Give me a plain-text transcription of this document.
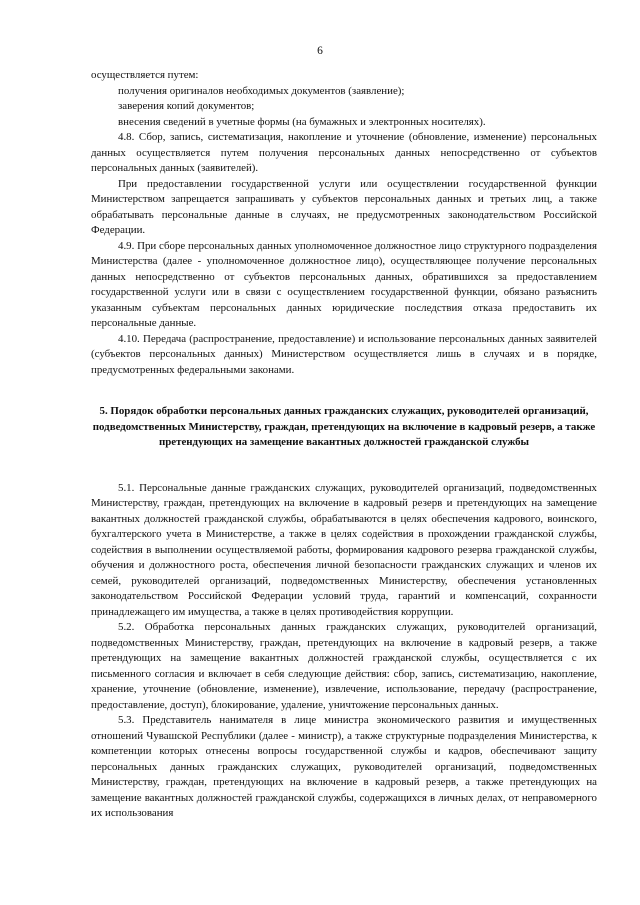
6

осуществляется путем:

получения оригиналов необходимых документов (заявление);

заверения копий документов;

внесения сведений в учетные формы (на бумажных и электронных носителях).

4.8. Сбор, запись, систематизация, накопление и уточнение (обновление, изменение) персональных данных осуществляется путем получения персональных данных непосредственно от субъектов персональных данных (заявителей).

При предоставлении государственной услуги или осуществлении государственной функции Министерством запрещается запрашивать у субъектов персональных данных и третьих лиц, а также обрабатывать персональные данные в случаях, не предусмотренных законодательством Российской Федерации.

4.9. При сборе персональных данных уполномоченное должностное лицо структурного подразделения Министерства (далее - уполномоченное должностное лицо), осуществляющее получение персональных данных непосредственно от субъектов персональных данных, обратившихся за предоставлением государственной услуги или в связи с осуществлением государственной функции, обязано разъяснить указанным субъектам персональных данных юридические последствия отказа предоставить их персональные данные.

4.10. Передача (распространение, предоставление) и использование персональных данных заявителей (субъектов персональных данных) Министерством осуществляется лишь в случаях и в порядке, предусмотренных федеральными законами.

5. Порядок обработки персональных данных гражданских служащих, руководителей организаций, подведомственных Министерству, граждан, претендующих на включение в кадровый резерв, а также претендующих на замещение вакантных должностей гражданской службы

5.1. Персональные данные гражданских служащих, руководителей организаций, подведомственных Министерству, граждан, претендующих на включение в кадровый резерв и претендующих на замещение вакантных должностей гражданской службы, обрабатываются в целях обеспечения кадрового, воинского, бухгалтерского учета в Министерстве, а также в целях содействия в прохождении гражданской службы, содействия в выполнении осуществляемой работы, формирования кадрового резерва гражданской службы, обучения и должностного роста, обеспечения личной безопасности гражданских служащих и членов их семей, руководителей организаций, подведомственных Министерству, обеспечения установленных законодательством Российской Федерации условий труда, гарантий и компенсаций, сохранности принадлежащего им имущества, а также в целях противодействия коррупции.

5.2. Обработка персональных данных гражданских служащих, руководителей организаций, подведомственных Министерству, граждан, претендующих на включение в кадровый резерв, а также претендующих на замещение вакантных должностей гражданской службы, осуществляется с их письменного согласия и включает в себя следующие действия: сбор, запись, систематизацию, накопление, хранение, уточнение (обновление, изменение), извлечение, использование, передачу (распространение, предоставление, доступ), блокирование, удаление, уничтожение персональных данных.

5.3. Представитель нанимателя в лице министра экономического развития и имущественных отношений Чувашской Республики (далее - министр), а также структурные подразделения Министерства, к компетенции которых отнесены вопросы государственной службы и кадров, обеспечивают защиту персональных данных гражданских служащих, руководителей организаций, подведомственных Министерству, граждан, претендующих на включение в кадровый резерв, а также претендующих на замещение вакантных должностей гражданской службы, содержащихся в личных делах, от неправомерного их использования
